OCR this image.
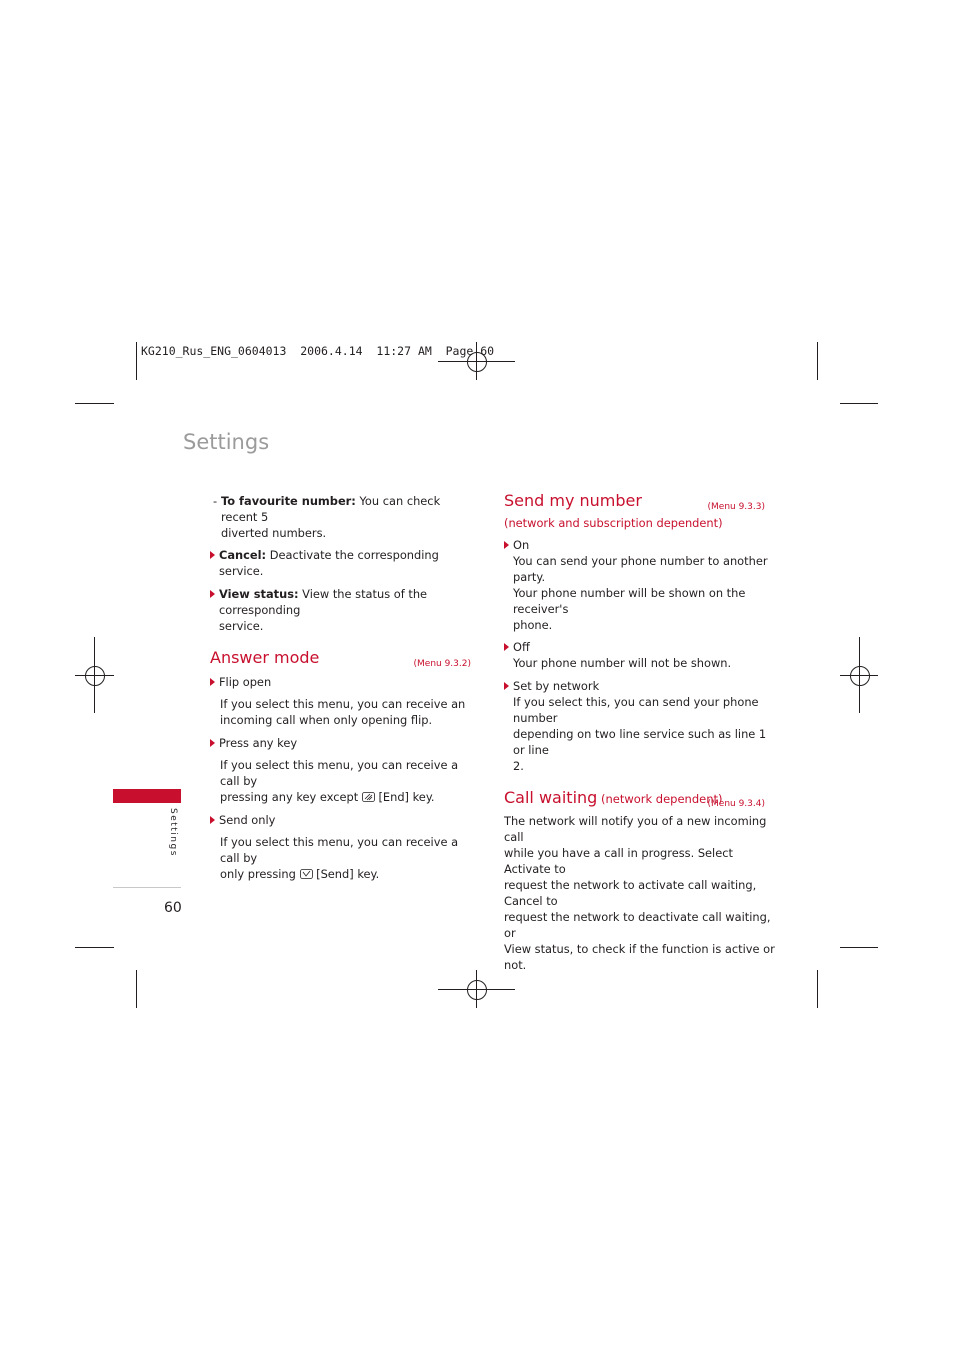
KG210_Rus_ENG_0604013  2006.4.14  11:27 AM  Page 60
Settings
- To favourite number: You can check recent 5
diverted numbers.
Cancel: Deactivate the corresponding service.
View status: View the status of the corresponding
service.
Answer mode	(Menu 9.3.2)
Flip open
If you select this menu, you can receive an
incoming call when only opening flip.
Press any key
If you select this menu, you can receive a call by
pressing any key except  [End] key.
Send only
If you select this menu, you can receive a call by
only pressing  [Send] key.
Send my number	(Menu 9.3.3)

(network and subscription dependent)

On
You can send your phone number to another party.
Your phone number will be shown on the receiver's
phone.
Off
Your phone number will not be shown.
Set by network
If you select this, you can send your phone number
depending on two line service such as line 1 or line
2.
Call waiting (network dependent)
(Menu 9.3.4)
The network will notify you of a new incoming call
while you have a call in progress. Select Activate to
request the network to activate call waiting, Cancel to
request the network to deactivate call waiting, or
View status, to check if the function is active or not.
Settings
60
